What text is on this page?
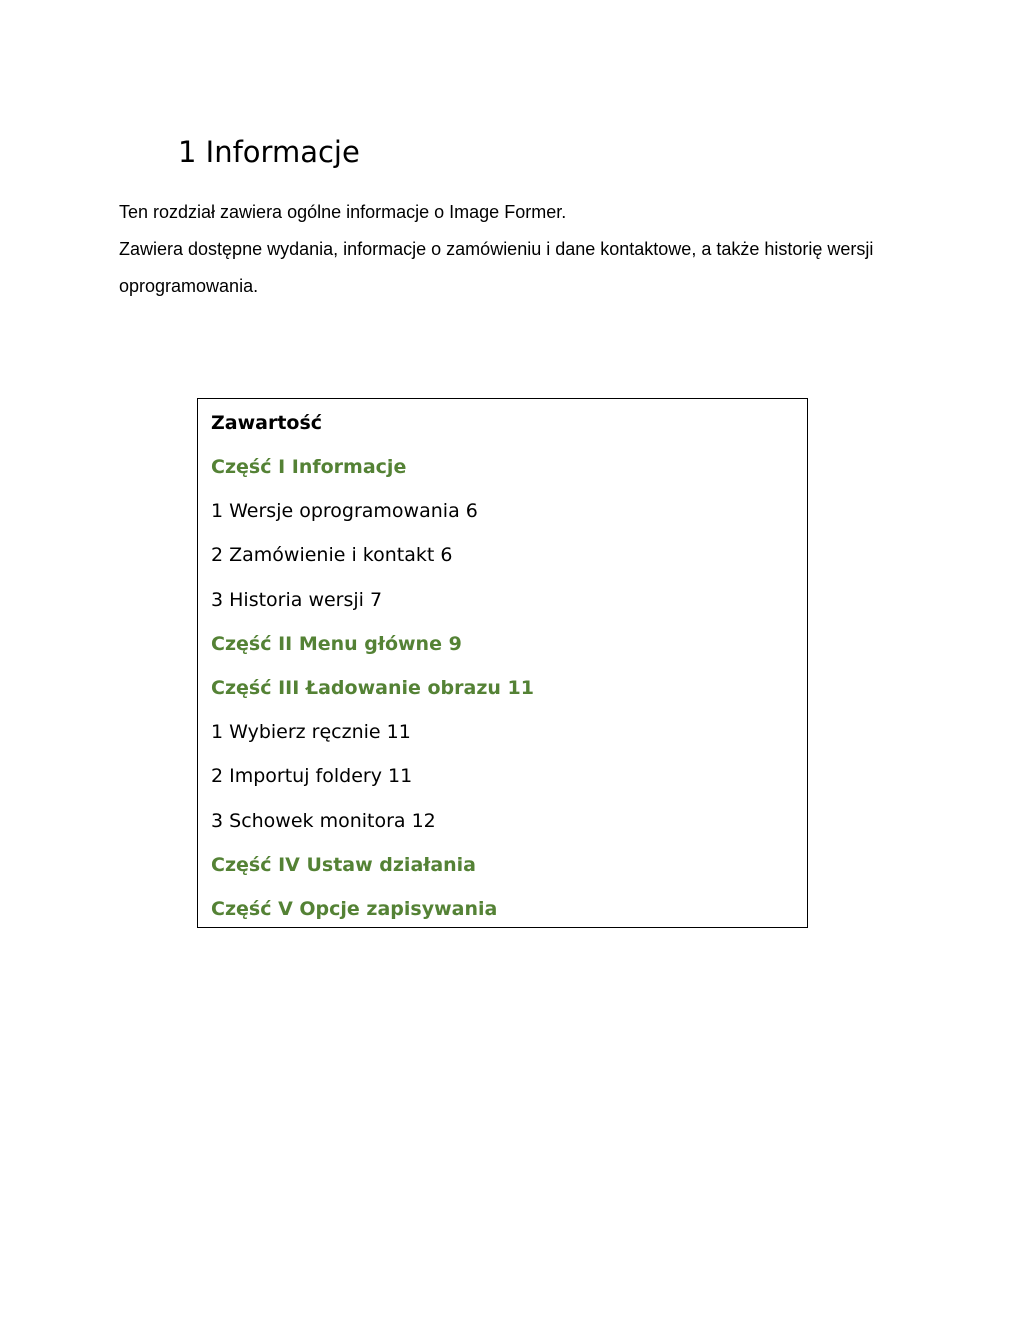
1 Informacje

Ten rozdział zawiera ogólne informacje o Image Former.

Zawiera dostępne wydania, informacje o zamówieniu i dane kontaktowe, a także historię wersji oprogramowania.

Zawartość
Część I Informacje
1 Wersje oprogramowania 6
2 Zamówienie i kontakt 6
3 Historia wersji 7
Część II Menu główne 9
Część III Ładowanie obrazu 11
1 Wybierz ręcznie 11
2 Importuj foldery 11
3 Schowek monitora 12
Część IV Ustaw działania
Część V Opcje zapisywania
